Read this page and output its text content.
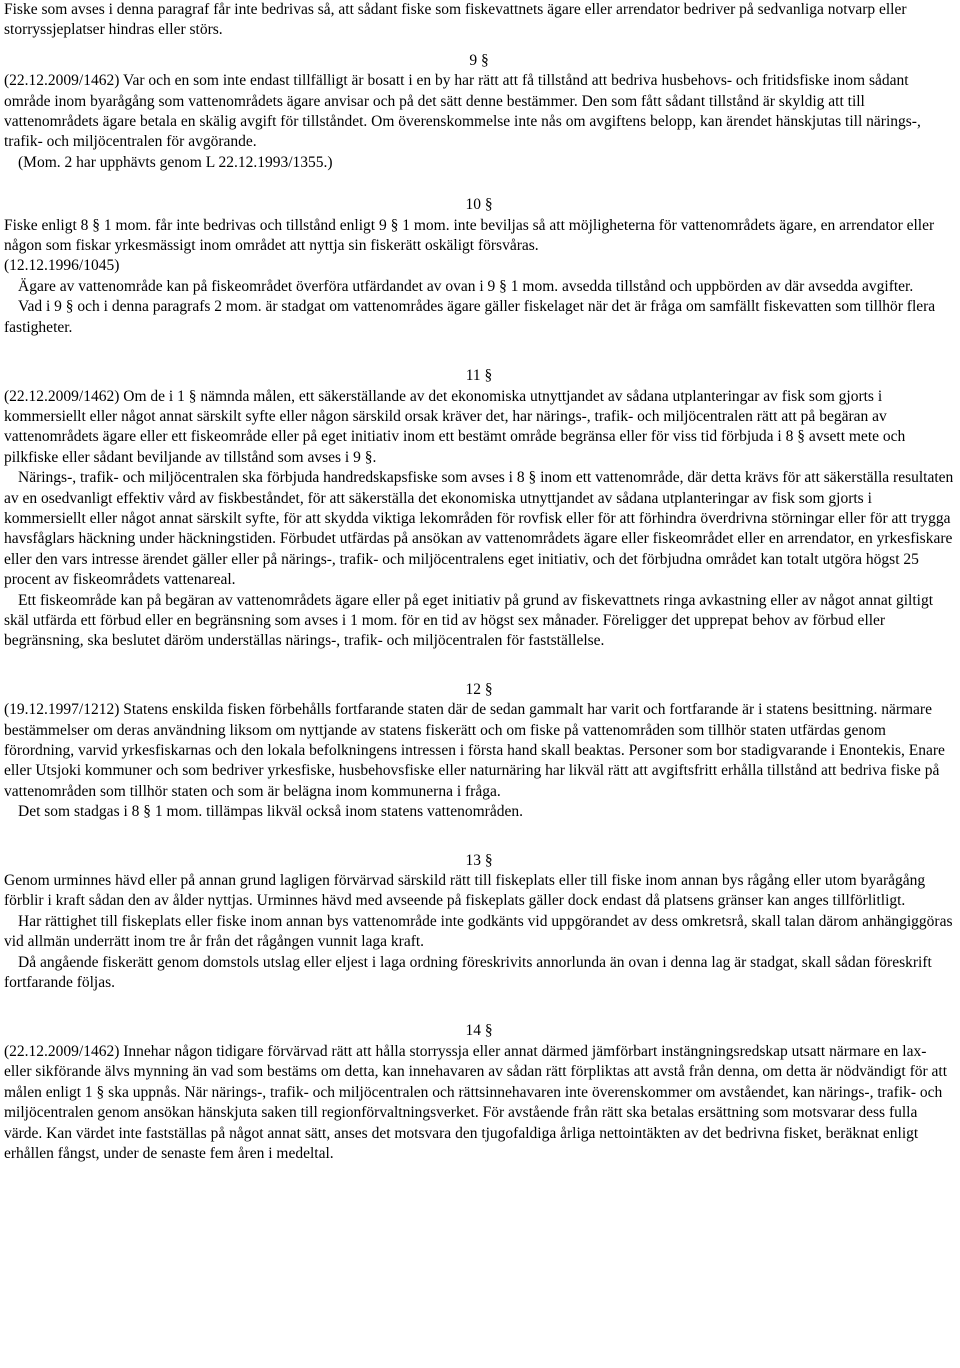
Fiske som avses i denna paragraf får inte bedrivas så, att sådant fiske som fiskevattnets ägare eller arrendator bedriver på sedvanliga notvarp eller storryssjeplatser hindras eller störs.

9 §

(22.12.2009/1462) Var och en som inte endast tillfälligt är bosatt i en by har rätt att få tillstånd att bedriva husbehovs- och fritidsfiske inom sådant område inom byarågång som vattenområdets ägare anvisar och på det sätt denne bestämmer. Den som fått sådant tillstånd är skyldig att till vattenområdets ägare betala en skälig avgift för tillståndet. Om överenskommelse inte nås om avgiftens belopp, kan ärendet hänskjutas till närings-, trafik- och miljöcentralen för avgörande.

(Mom. 2 har upphävts genom L 22.12.1993/1355.)

10 §

Fiske enligt 8 § 1 mom. får inte bedrivas och tillstånd enligt 9 § 1 mom. inte beviljas så att möjligheterna för vattenområdets ägare, en arrendator eller någon som fiskar yrkesmässigt inom området att nyttja sin fiskerätt oskäligt försvåras.

(12.12.1996/1045)

Ägare av vattenområde kan på fiskeområdet överföra utfärdandet av ovan i 9 § 1 mom. avsedda tillstånd och uppbörden av där avsedda avgifter.

Vad i 9 § och i denna paragrafs 2 mom. är stadgat om vattenområdes ägare gäller fiskelaget när det är fråga om samfällt fiskevatten som tillhör flera fastigheter.

11 §

(22.12.2009/1462) Om de i 1 § nämnda målen, ett säkerställande av det ekonomiska utnyttjandet av sådana utplanteringar av fisk som gjorts i kommersiellt eller något annat särskilt syfte eller någon särskild orsak kräver det, har närings-, trafik- och miljöcentralen rätt att på begäran av vattenområdets ägare eller ett fiskeområde eller på eget initiativ inom ett bestämt område begränsa eller för viss tid förbjuda i 8 § avsett mete och pilkfiske eller sådant beviljande av tillstånd som avses i 9 §.

Närings-, trafik- och miljöcentralen ska förbjuda handredskapsfiske som avses i 8 § inom ett vattenområde, där detta krävs för att säkerställa resultaten av en osedvanligt effektiv vård av fiskbeståndet, för att säkerställa det ekonomiska utnyttjandet av sådana utplanteringar av fisk som gjorts i kommersiellt eller något annat särskilt syfte, för att skydda viktiga lekområden för rovfisk eller för att förhindra överdrivna störningar eller för att trygga havsfåglars häckning under häckningstiden. Förbudet utfärdas på ansökan av vattenområdets ägare eller fiskeområdet eller en arrendator, en yrkesfiskare eller den vars intresse ärendet gäller eller på närings-, trafik- och miljöcentralens eget initiativ, och det förbjudna området kan totalt utgöra högst 25 procent av fiskeområdets vattenareal.

Ett fiskeområde kan på begäran av vattenområdets ägare eller på eget initiativ på grund av fiskevattnets ringa avkastning eller av något annat giltigt skäl utfärda ett förbud eller en begränsning som avses i 1 mom. för en tid av högst sex månader. Föreligger det upprepat behov av förbud eller begränsning, ska beslutet däröm underställas närings-, trafik- och miljöcentralen för fastställelse.

12 §

(19.12.1997/1212) Statens enskilda fisken förbehålls fortfarande staten där de sedan gammalt har varit och fortfarande är i statens besittning. närmare bestämmelser om deras användning liksom om nyttjande av statens fiskerätt och om fiske på vattenområden som tillhör staten utfärdas genom förordning, varvid yrkesfiskarnas och den lokala befolkningens intressen i första hand skall beaktas. Personer som bor stadigvarande i Enontekis, Enare eller Utsjoki kommuner och som bedriver yrkesfiske, husbehovsfiske eller naturnäring har likväl rätt att avgiftsfritt erhålla tillstånd att bedriva fiske på vattenområden som tillhör staten och som är belägna inom kommunerna i fråga.

Det som stadgas i 8 § 1 mom. tillämpas likväl också inom statens vattenområden.

13 §

Genom urminnes hävd eller på annan grund lagligen förvärvad särskild rätt till fiskeplats eller till fiske inom annan bys rågång eller utom byarågång förblir i kraft sådan den av ålder nyttjas. Urminnes hävd med avseende på fiskeplats gäller dock endast då platsens gränser kan anges tillförlitligt.

Har rättighet till fiskeplats eller fiske inom annan bys vattenområde inte godkänts vid uppgörandet av dess omkretsrå, skall talan därom anhängiggöras vid allmän underrätt inom tre år från det rågången vunnit laga kraft.

Då angående fiskerätt genom domstols utslag eller eljest i laga ordning föreskrivits annorlunda än ovan i denna lag är stadgat, skall sådan föreskrift fortfarande följas.

14 §

(22.12.2009/1462) Innehar någon tidigare förvärvad rätt att hålla storryssja eller annat därmed jämförbart instängningsredskap utsatt närmare en lax- eller sikförande älvs mynning än vad som bestäms om detta, kan innehavaren av sådan rätt förpliktas att avstå från denna, om detta är nödvändigt för att målen enligt 1 § ska uppnås. När närings-, trafik- och miljöcentralen och rättsinnehavaren inte överenskommer om avståendet, kan närings-, trafik- och miljöcentralen genom ansökan hänskjuta saken till regionförvaltningsverket. För avstående från rätt ska betalas ersättning som motsvarar dess fulla värde. Kan värdet inte fastställas på något annat sätt, anses det motsvara den tjugofaldiga årliga nettointäkten av det bedrivna fisket, beräknat enligt erhållen fångst, under de senaste fem åren i medeltal.
